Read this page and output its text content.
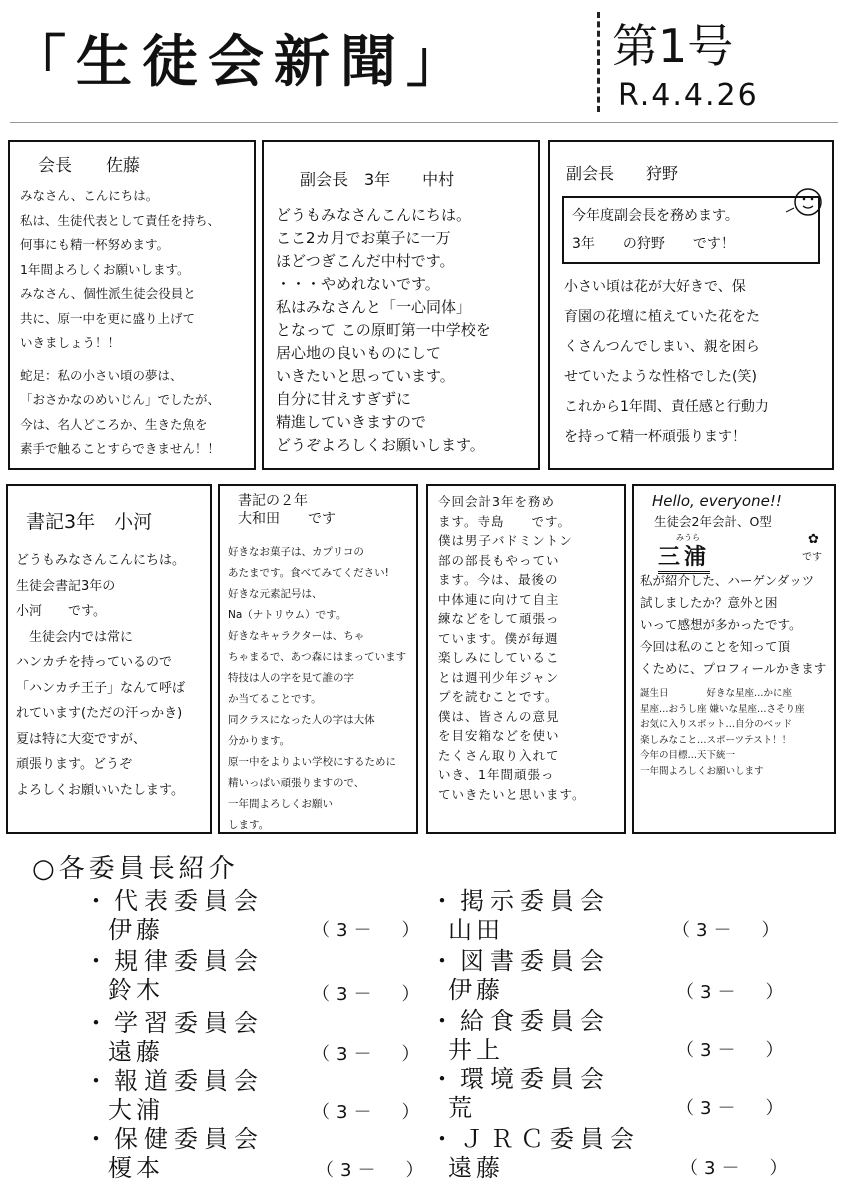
「生徒会新聞」	第1号
R.4.4.26
会長　　佐藤
みなさん、こんにちは。
私は、生徒代表として責任を持ち、
何事にも精一杯努めます。
1年間よろしくお願いします。
みなさん、個性派生徒会役員と
共に、原一中を更に盛り上げて
いきましょう！！
蛇足：私の小さい頃の夢は、
「おさかなのめいじん」でしたが、
今は、名人どころか、生きた魚を
素手で触ることすらできません！！
副会長　3年　　中村
どうもみなさんこんにちは。
ここ2カ月でお菓子に一万
ほどつぎこんだ中村です。
・・・やめれないです。
私はみなさんと「一心同体」
となって この原町第一中学校を
居心地の良いものにして
いきたいと思っています。
自分に甘えすぎずに
精進していきますので
どうぞよろしくお願いします。
副会長　　狩野
今年度副会長を務めます。
3年　　の狩野　　です！
小さい頃は花が大好きで、保
育園の花壇に植えていた花をた
くさんつんでしまい、親を困ら
せていたような性格でした(笑)
これから1年間、責任感と行動力
を持って精一杯頑張ります！
書記3年　小河
どうもみなさんこんにちは。
生徒会書記3年の
小河　　です。
　生徒会内では常に
ハンカチを持っているので
「ハンカチ王子」なんて呼ば
れています(ただの汗っかき)
夏は特に大変ですが、
頑張ります。どうぞ
よろしくお願いいたします。
書記の２年
大和田　　です
好きなお菓子は、カプリコの
あたまです。食べてみてください!
好きな元素記号は、
Na（ナトリウム）です。
好きなキャラクターは、ちゃ
ちゃまるで、あつ森にはまっています
特技は人の字を見て誰の字
か当てることです。
同クラスになった人の字は大体
分かります。
原一中をよりよい学校にするために
精いっぱい頑張りますので、
一年間よろしくお願い
します。
今回会計3年を務め
ます。寺島　　です。
僕は男子バドミントン
部の部長もやってい
ます。今は、最後の
中体連に向けて自主
練などをして頑張っ
ています。僕が毎週
楽しみにしているこ
とは週刊少年ジャン
プを読むことです。
僕は、皆さんの意見
を目安箱などを使い
たくさん取り入れて
いき、1年間頑張っ
ていきたいと思います。
Hello, everyone!!
生徒会2年会計、O型
みうら
三浦	です
✿
私が紹介した、ハーゲンダッツ
試しましたか？意外と困
いって感想が多かったです。
今回は私のことを知って頂
くために、プロフィールかきます
誕生日　　　　好きな星座…かに座
星座…おうし座 嫌いな星座…さそり座
お気に入りスポット…自分のベッド
楽しみなこと…スポーツテスト！！
今年の目標…天下統一
一年間よろしくお願いします
○各委員長紹介
・代表委員会
伊藤	（3－　）
・規律委員会
鈴木	（3－　）
・学習委員会
遠藤	（3－　）
・報道委員会
大浦	（3－　）
・保健委員会
榎本	（3－　）
・掲示委員会
山田	（3－　）
・図書委員会
伊藤	（3－　）
・給食委員会
井上	（3－　）
・環境委員会
荒	（3－　）
・ＪＲＣ委員会
遠藤	（3－　）
